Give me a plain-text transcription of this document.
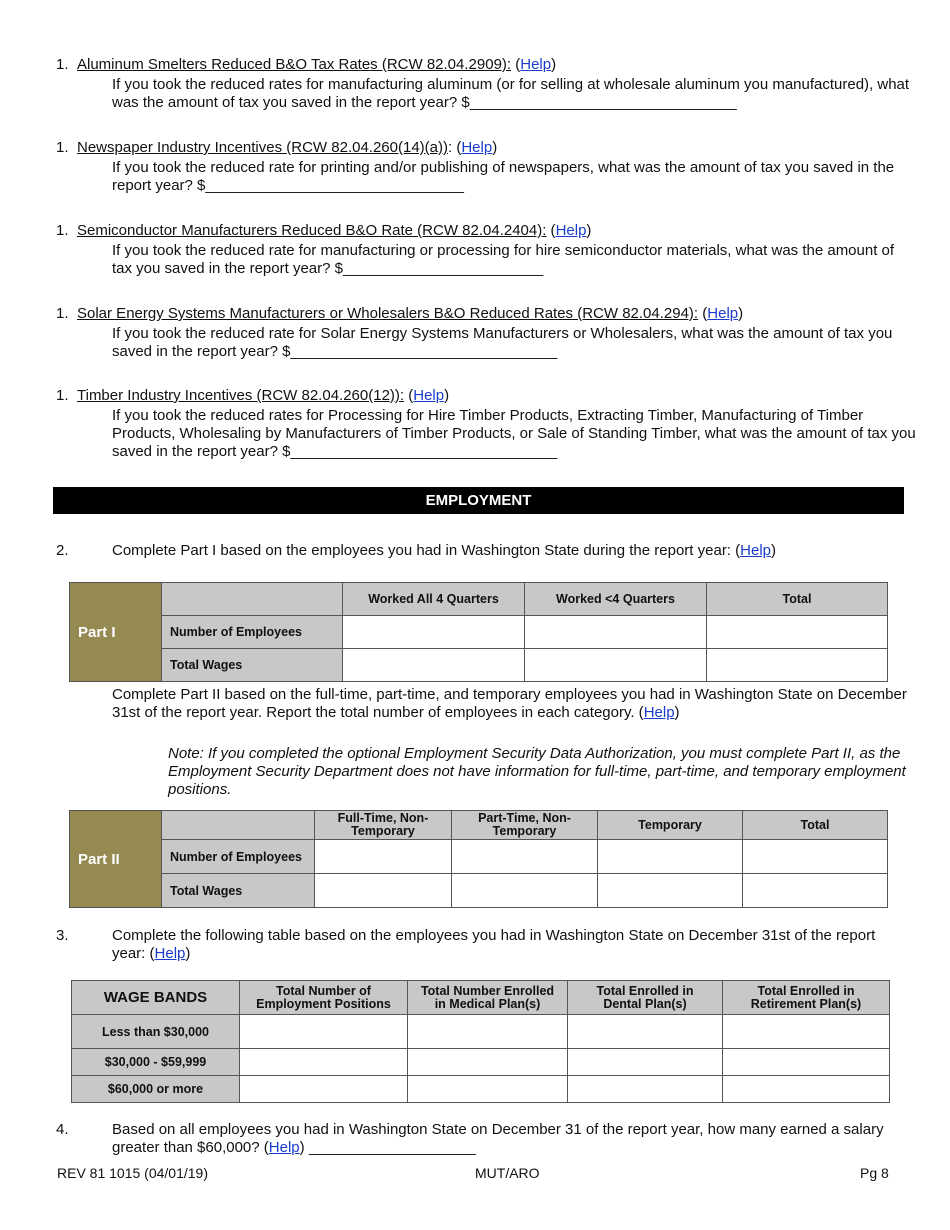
1. Aluminum Smelters Reduced B&O Tax Rates (RCW 82.04.2909): (Help)
If you took the reduced rates for manufacturing aluminum (or for selling at wholesale aluminum you manufactured), what was the amount of tax you saved in the report year? $________________________________
1. Newspaper Industry Incentives (RCW 82.04.260(14)(a)): (Help)
If you took the reduced rate for printing and/or publishing of newspapers, what was the amount of tax you saved in the report year? $_______________________________
1. Semiconductor Manufacturers Reduced B&O Rate (RCW 82.04.2404): (Help)
If you took the reduced rate for manufacturing or processing for hire semiconductor materials, what was the amount of tax you saved in the report year? $________________________
1. Solar Energy Systems Manufacturers or Wholesalers B&O Reduced Rates (RCW 82.04.294): (Help)
If you took the reduced rate for Solar Energy Systems Manufacturers or Wholesalers, what was the amount of tax you saved in the report year? $________________________________
1. Timber Industry Incentives (RCW 82.04.260(12)): (Help)
If you took the reduced rates for Processing for Hire Timber Products, Extracting Timber, Manufacturing of Timber Products, Wholesaling by Manufacturers of Timber Products, or Sale of Standing Timber, what was the amount of tax you saved in the report year? $________________________________
EMPLOYMENT
2.	Complete Part I based on the employees you had in Washington State during the report year: (Help)
Part I		Worked All 4 Quarters	Worked <4 Quarters	Total
	Number of Employees			
	Total Wages			
Complete Part II based on the full-time, part-time, and temporary employees you had in Washington State on December 31st of the report year. Report the total number of employees in each category. (Help)
Note: If you completed the optional Employment Security Data Authorization, you must complete Part II, as the Employment Security Department does not have information for full-time, part-time, and temporary employment positions.
Part II		Full-Time, Non-Temporary	Part-Time, Non-Temporary	Temporary	Total
	Number of Employees				
	Total Wages				
3.	Complete the following table based on the employees you had in Washington State on December 31st of the report year: (Help)
WAGE BANDS	Total Number of Employment Positions	Total Number Enrolled in Medical Plan(s)	Total Enrolled in Dental Plan(s)	Total Enrolled in Retirement Plan(s)
Less than $30,000				
$30,000 - $59,999				
$60,000 or more				
4.	Based on all employees you had in Washington State on December 31 of the report year, how many earned a salary greater than $60,000? (Help) ____________________
REV 81 1015 (04/01/19)	MUT/ARO	Pg 8
